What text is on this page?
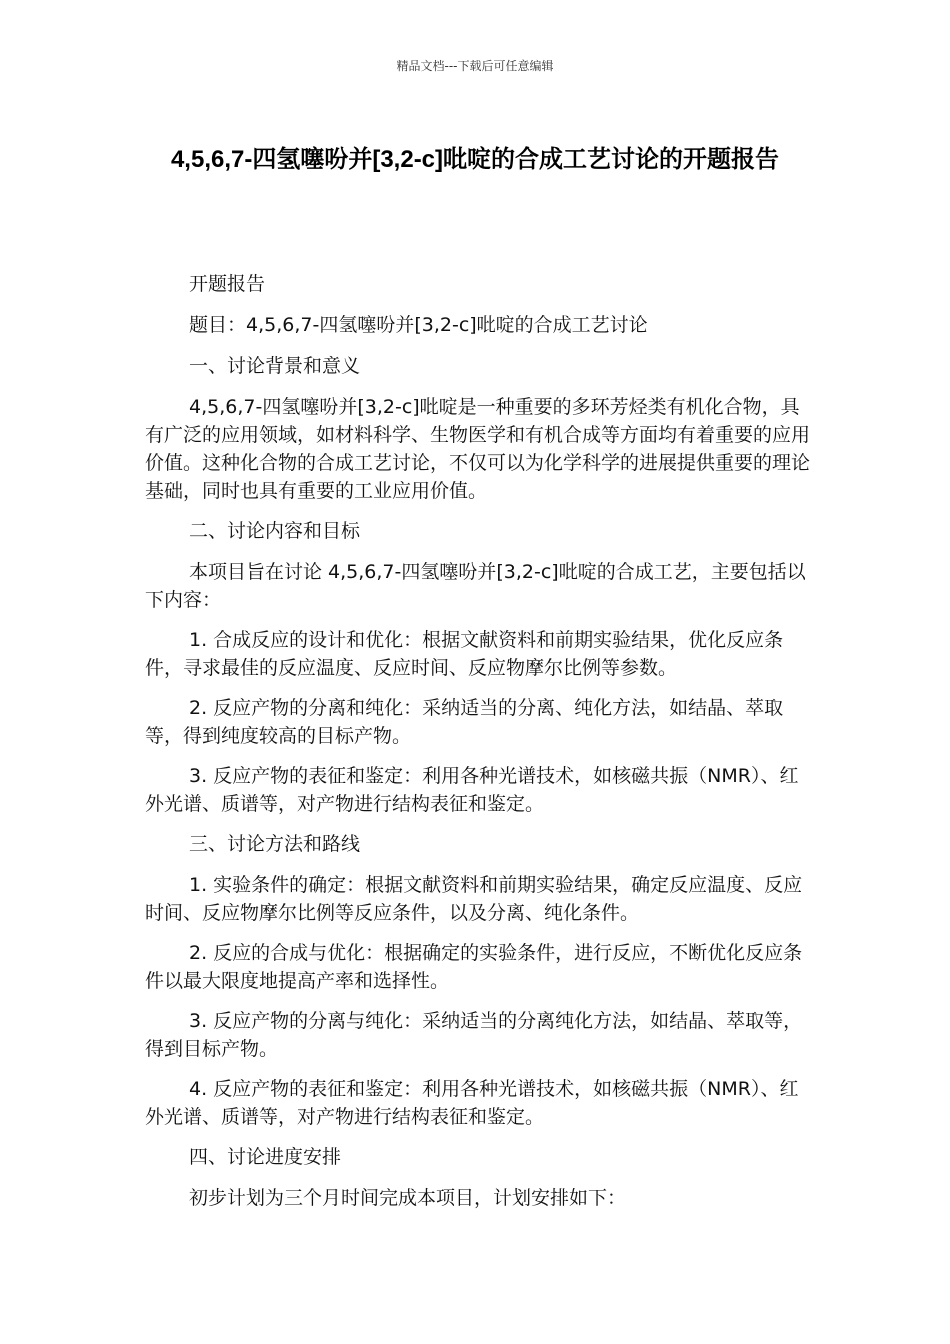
精品文档---下载后可任意编辑
4,5,6,7-四氢噻吩并[3,2-c]吡啶的合成工艺讨论的开题报告

开题报告

题目：4,5,6,7-四氢噻吩并[3,2-c]吡啶的合成工艺讨论

一、讨论背景和意义

4,5,6,7-四氢噻吩并[3,2-c]吡啶是一种重要的多环芳烃类有机化合物，具有广泛的应用领域，如材料科学、生物医学和有机合成等方面均有着重要的应用价值。这种化合物的合成工艺讨论，不仅可以为化学科学的进展提供重要的理论基础，同时也具有重要的工业应用价值。

二、讨论内容和目标

本项目旨在讨论 4,5,6,7-四氢噻吩并[3,2-c]吡啶的合成工艺，主要包括以下内容：

1. 合成反应的设计和优化：根据文献资料和前期实验结果，优化反应条件，寻求最佳的反应温度、反应时间、反应物摩尔比例等参数。

2. 反应产物的分离和纯化：采纳适当的分离、纯化方法，如结晶、萃取等，得到纯度较高的目标产物。

3. 反应产物的表征和鉴定：利用各种光谱技术，如核磁共振（NMR）、红外光谱、质谱等，对产物进行结构表征和鉴定。

三、讨论方法和路线

1. 实验条件的确定：根据文献资料和前期实验结果，确定反应温度、反应时间、反应物摩尔比例等反应条件，以及分离、纯化条件。

2. 反应的合成与优化：根据确定的实验条件，进行反应，不断优化反应条件以最大限度地提高产率和选择性。

3. 反应产物的分离与纯化：采纳适当的分离纯化方法，如结晶、萃取等，得到目标产物。

4. 反应产物的表征和鉴定：利用各种光谱技术，如核磁共振（NMR）、红外光谱、质谱等，对产物进行结构表征和鉴定。

四、讨论进度安排

初步计划为三个月时间完成本项目，计划安排如下：
